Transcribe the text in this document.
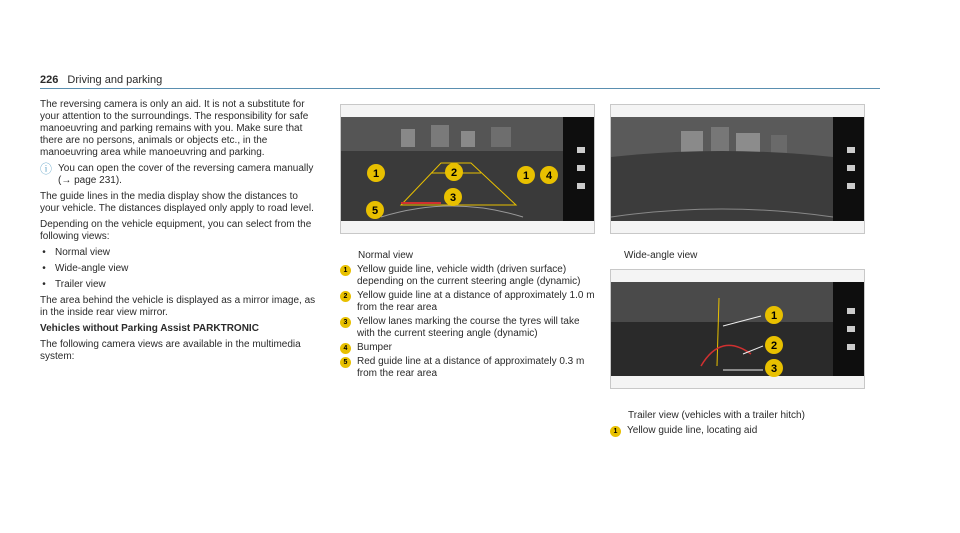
226 Driving and parking

The reversing camera is only an aid. It is not a substitute for your attention to the surroundings. The responsibility for safe manoeuvring and parking remains with you. Make sure that there are no persons, animals or objects etc., in the manoeuvring area while manoeuvring and parking.

ⓘ You can open the cover of the reversing camera manually (→ page 231).

The guide lines in the media display show the distances to your vehicle. The distances displayed only apply to road level.

Depending on the vehicle equipment, you can select from the following views:

• Normal view
• Wide-angle view
• Trailer view

The area behind the vehicle is displayed as a mirror image, as in the inside rear view mirror.

Vehicles without Parking Assist PARKTRONIC

The following camera views are available in the multimedia system:

1	2
3
1 4
5
Normal view
1 Yellow guide line, vehicle width (driven surface) depending on the current steering angle (dynamic)
2 Yellow guide line at a distance of approximately 1.0 m from the rear area
3 Yellow lanes marking the course the tyres will take with the current steering angle (dynamic)
4 Bumper
5 Red guide line at a distance of approximately 0.3 m from the rear area
Wide-angle view
1
2
3
Trailer view (vehicles with a trailer hitch)
1 Yellow guide line, locating aid
